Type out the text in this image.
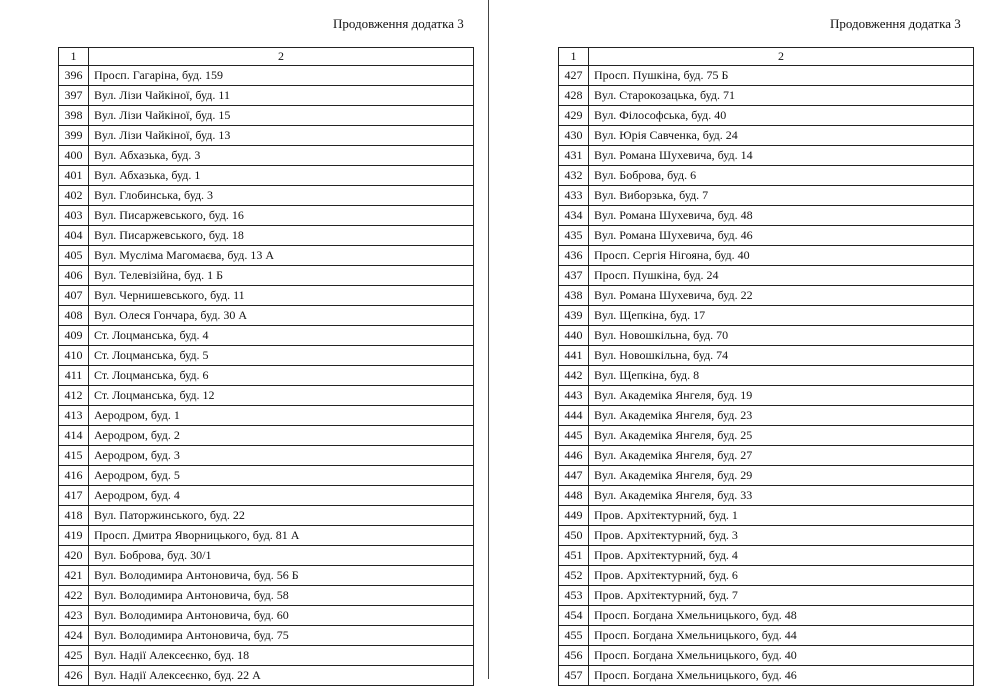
Продовження додатка 3
1	2
396 Просп. Гагаріна, буд. 159
397 Вул. Лізи Чайкіної, буд. 11
398 Вул. Лізи Чайкіної, буд. 15
399 Вул. Лізи Чайкіної, буд. 13
400 Вул. Абхазька, буд. 3
401 Вул. Абхазька, буд. 1
402 Вул. Глобинська, буд. 3
403 Вул. Писаржевського, буд. 16
404 Вул. Писаржевського, буд. 18
405 Вул. Мусліма Магомаєва, буд. 13 А
406 Вул. Телевізійна, буд. 1 Б
407 Вул. Чернишевського, буд. 11
408 Вул. Олеся Гончара, буд. 30 А
409 Ст. Лоцманська, буд. 4
410 Ст. Лоцманська, буд. 5
411 Ст. Лоцманська, буд. 6
412 Ст. Лоцманська, буд. 12
413 Аеродром, буд. 1
414 Аеродром, буд. 2
415 Аеродром, буд. 3
416 Аеродром, буд. 5
417 Аеродром, буд. 4
418 Вул. Паторжинського, буд. 22
419 Просп. Дмитра Яворницького, буд. 81 А
420 Вул. Боброва, буд. 30/1
421 Вул. Володимира Антоновича, буд. 56 Б
422 Вул. Володимира Антоновича, буд. 58
423 Вул. Володимира Антоновича, буд. 60
424 Вул. Володимира Антоновича, буд. 75
425 Вул. Надії Алексеєнко, буд. 18
426 Вул. Надії Алексеєнко, буд. 22 А
Продовження додатка 3
1	2
427 Просп. Пушкіна, буд. 75 Б
428 Вул. Старокозацька, буд. 71
429 Вул. Філософська, буд. 40
430 Вул. Юрія Савченка, буд. 24
431 Вул. Романа Шухевича, буд. 14
432 Вул. Боброва, буд. 6
433 Вул. Виборзька, буд. 7
434 Вул. Романа Шухевича, буд. 48
435 Вул. Романа Шухевича, буд. 46
436 Просп. Сергія Нігояна, буд. 40
437 Просп. Пушкіна, буд. 24
438 Вул. Романа Шухевича, буд. 22
439 Вул. Щепкіна, буд. 17
440 Вул. Новошкільна, буд. 70
441 Вул. Новошкільна, буд. 74
442 Вул. Щепкіна, буд. 8
443 Вул. Академіка Янгеля, буд. 19
444 Вул. Академіка Янгеля, буд. 23
445 Вул. Академіка Янгеля, буд. 25
446 Вул. Академіка Янгеля, буд. 27
447 Вул. Академіка Янгеля, буд. 29
448 Вул. Академіка Янгеля, буд. 33
449 Пров. Архітектурний, буд. 1
450 Пров. Архітектурний, буд. 3
451 Пров. Архітектурний, буд. 4
452 Пров. Архітектурний, буд. 6
453 Пров. Архітектурний, буд. 7
454 Просп. Богдана Хмельницького, буд. 48
455 Просп. Богдана Хмельницького, буд. 44
456 Просп. Богдана Хмельницького, буд. 40
457 Просп. Богдана Хмельницького, буд. 46
